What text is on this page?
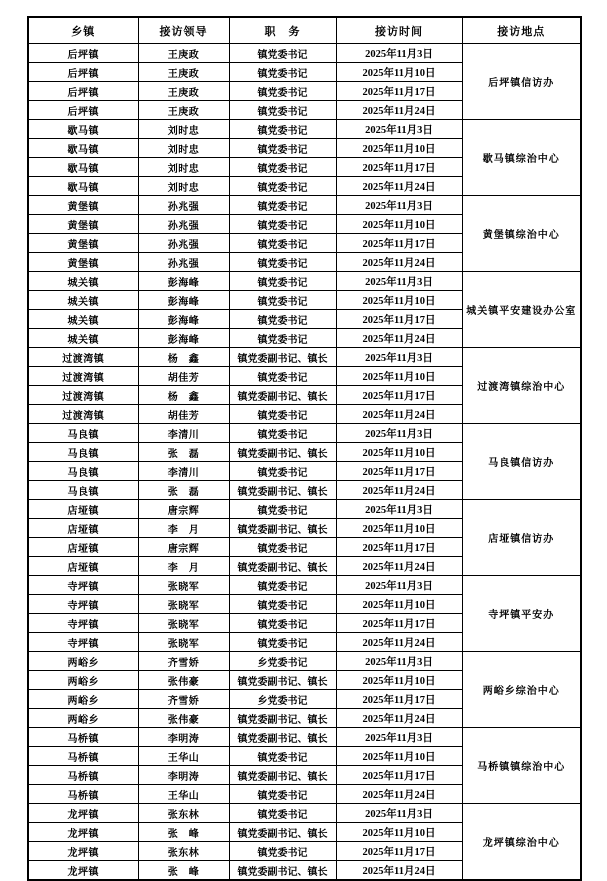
乡镇	接访领导	职　务	接访时间	接访地点
后坪镇	王庚政	镇党委书记	2025年11月3日	后坪镇信访办
后坪镇	王庚政	镇党委书记	2025年11月10日	
后坪镇	王庚政	镇党委书记	2025年11月17日	
后坪镇	王庚政	镇党委书记	2025年11月24日	
歇马镇	刘时忠	镇党委书记	2025年11月3日	歇马镇综治中心
歇马镇	刘时忠	镇党委书记	2025年11月10日	
歇马镇	刘时忠	镇党委书记	2025年11月17日	
歇马镇	刘时忠	镇党委书记	2025年11月24日	
黄堡镇	孙兆强	镇党委书记	2025年11月3日	黄堡镇综治中心
黄堡镇	孙兆强	镇党委书记	2025年11月10日	
黄堡镇	孙兆强	镇党委书记	2025年11月17日	
黄堡镇	孙兆强	镇党委书记	2025年11月24日	
城关镇	彭海峰	镇党委书记	2025年11月3日	城关镇平安建设办公室
城关镇	彭海峰	镇党委书记	2025年11月10日	
城关镇	彭海峰	镇党委书记	2025年11月17日	
城关镇	彭海峰	镇党委书记	2025年11月24日	
过渡湾镇	杨　鑫	镇党委副书记、镇长	2025年11月3日	过渡湾镇综治中心
过渡湾镇	胡佳芳	镇党委书记	2025年11月10日	
过渡湾镇	杨　鑫	镇党委副书记、镇长	2025年11月17日	
过渡湾镇	胡佳芳	镇党委书记	2025年11月24日	
马良镇	李清川	镇党委书记	2025年11月3日	马良镇信访办
马良镇	张　磊	镇党委副书记、镇长	2025年11月10日	
马良镇	李清川	镇党委书记	2025年11月17日	
马良镇	张　磊	镇党委副书记、镇长	2025年11月24日	
店垭镇	唐宗辉	镇党委书记	2025年11月3日	店垭镇信访办
店垭镇	李　月	镇党委副书记、镇长	2025年11月10日	
店垭镇	唐宗辉	镇党委书记	2025年11月17日	
店垭镇	李　月	镇党委副书记、镇长	2025年11月24日	
寺坪镇	张晓军	镇党委书记	2025年11月3日	寺坪镇平安办
寺坪镇	张晓军	镇党委书记	2025年11月10日	
寺坪镇	张晓军	镇党委书记	2025年11月17日	
寺坪镇	张晓军	镇党委书记	2025年11月24日	
两峪乡	齐雪娇	乡党委书记	2025年11月3日	两峪乡综治中心
两峪乡	张伟豪	镇党委副书记、镇长	2025年11月10日	
两峪乡	齐雪娇	乡党委书记	2025年11月17日	
两峪乡	张伟豪	镇党委副书记、镇长	2025年11月24日	
马桥镇	李明涛	镇党委副书记、镇长	2025年11月3日	马桥镇镇综治中心
马桥镇	王华山	镇党委书记	2025年11月10日	
马桥镇	李明涛	镇党委副书记、镇长	2025年11月17日	
马桥镇	王华山	镇党委书记	2025年11月24日	
龙坪镇	张东林	镇党委书记	2025年11月3日	龙坪镇综治中心
龙坪镇	张　峰	镇党委副书记、镇长	2025年11月10日	
龙坪镇	张东林	镇党委书记	2025年11月17日	
龙坪镇	张　峰	镇党委副书记、镇长	2025年11月24日	
